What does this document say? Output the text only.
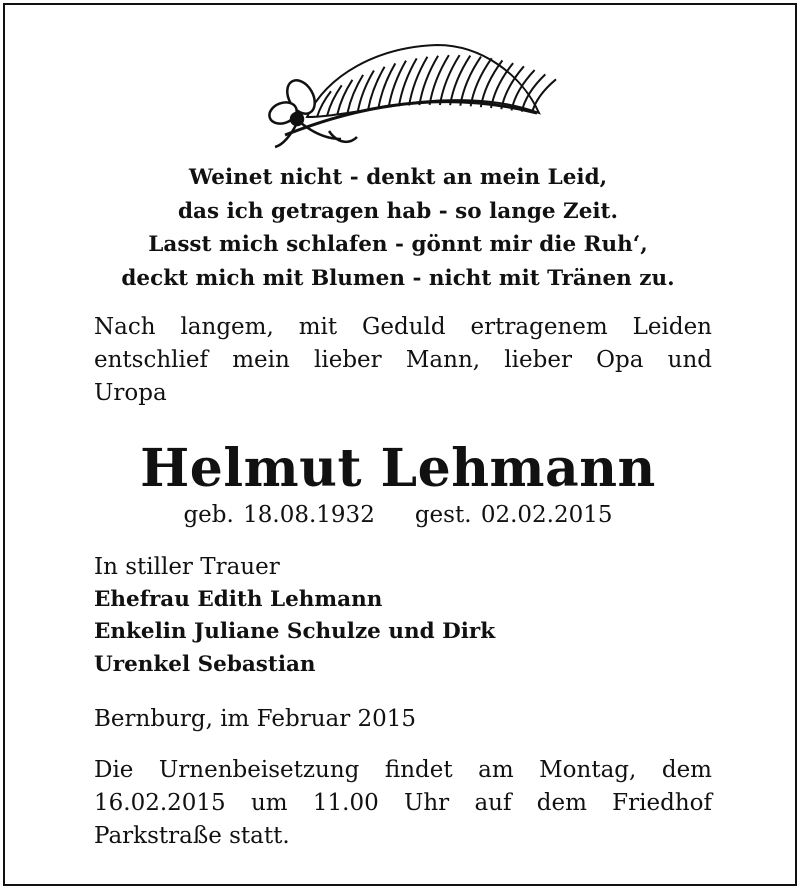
Weinet nicht - denkt an mein Leid,
das ich getragen hab - so lange Zeit.
Lasst mich schlafen - gönnt mir die Ruh‘,
deckt mich mit Blumen - nicht mit Tränen zu.
Nach langem, mit Geduld ertragenem Leiden
entschlief mein lieber Mann, lieber Opa und
Uropa
Helmut Lehmann
geb. 18.08.1932 gest. 02.02.2015
In stiller Trauer
Ehefrau Edith Lehmann
Enkelin Juliane Schulze und Dirk
Urenkel Sebastian
Bernburg, im Februar 2015
Die Urnenbeisetzung findet am Montag, dem
16.02.2015 um 11.00 Uhr auf dem Friedhof
Parkstraße statt.
